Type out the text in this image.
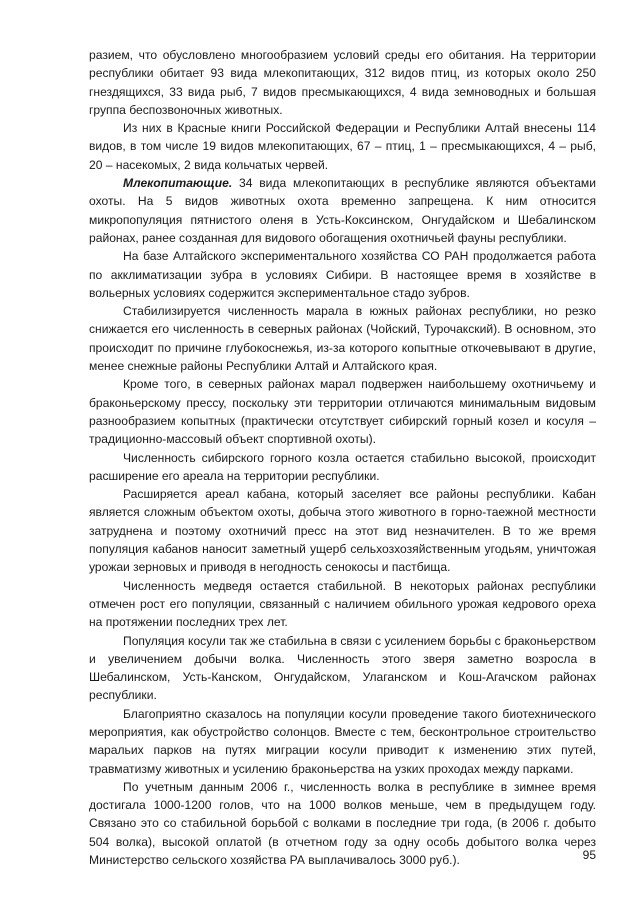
разием, что обусловлено многообразием условий среды его обитания. На территории республики обитает 93 вида млекопитающих, 312 видов птиц, из которых около 250 гнездящихся, 33 вида рыб, 7 видов пресмыкающихся, 4 вида земноводных и большая группа беспозвоночных животных.

Из них в Красные книги Российской Федерации и Республики Алтай внесены 114 видов, в том числе 19 видов млекопитающих, 67 – птиц, 1 – пресмыкающихся, 4 – рыб, 20 – насекомых, 2 вида кольчатых червей.

Млекопитающие. 34 вида млекопитающих в республике являются объектами охоты. На 5 видов животных охота временно запрещена. К ним относится микропопуляция пятнистого оленя в Усть-Коксинском, Онгудайском и Шебалинском районах, ранее созданная для видового обогащения охотничьей фауны республики.

На базе Алтайского экспериментального хозяйства СО РАН продолжается работа по акклиматизации зубра в условиях Сибири. В настоящее время в хозяйстве в вольерных условиях содержится экспериментальное стадо зубров.

Стабилизируется численность марала в южных районах республики, но резко снижается его численность в северных районах (Чойский, Турочакский). В основном, это происходит по причине глубокоснежья, из-за которого копытные откочевывают в другие, менее снежные районы Республики Алтай и Алтайского края.

Кроме того, в северных районах марал подвержен наибольшему охотничьему и браконьерскому прессу, поскольку эти территории отличаются минимальным видовым разнообразием копытных (практически отсутствует сибирский горный козел и косуля – традиционно-массовый объект спортивной охоты).

Численность сибирского горного козла остается стабильно высокой, происходит расширение его ареала на территории республики.

Расширяется ареал кабана, который заселяет все районы республики. Кабан является сложным объектом охоты, добыча этого животного в горно-таежной местности затруднена и поэтому охотничий пресс на этот вид незначителен. В то же время популяция кабанов наносит заметный ущерб сельхозхозяйственным угодьям, уничтожая урожаи зерновых и приводя в негодность сенокосы и пастбища.

Численность медведя остается стабильной. В некоторых районах республики отмечен рост его популяции, связанный с наличием обильного урожая кедрового ореха на протяжении последних трех лет.

Популяция косули так же стабильна в связи с усилением борьбы с браконьерством и увеличением добычи волка. Численность этого зверя заметно возросла в Шебалинском, Усть-Канском, Онгудайском, Улаганском и Кош-Агачском районах республики.

Благоприятно сказалось на популяции косули проведение такого биотехнического мероприятия, как обустройство солонцов. Вместе с тем, бесконтрольное строительство маральих парков на путях миграции косули приводит к изменению этих путей, травматизму животных и усилению браконьерства на узких проходах между парками.

По учетным данным 2006 г., численность волка в республике в зимнее время достигала 1000-1200 голов, что на 1000 волков меньше, чем в предыдущем году. Связано это со стабильной борьбой с волками в последние три года, (в 2006 г. добыто 504 волка), высокой оплатой (в отчетном году за одну особь добытого волка через Министерство сельского хозяйства РА выплачивалось 3000 руб.).	95
